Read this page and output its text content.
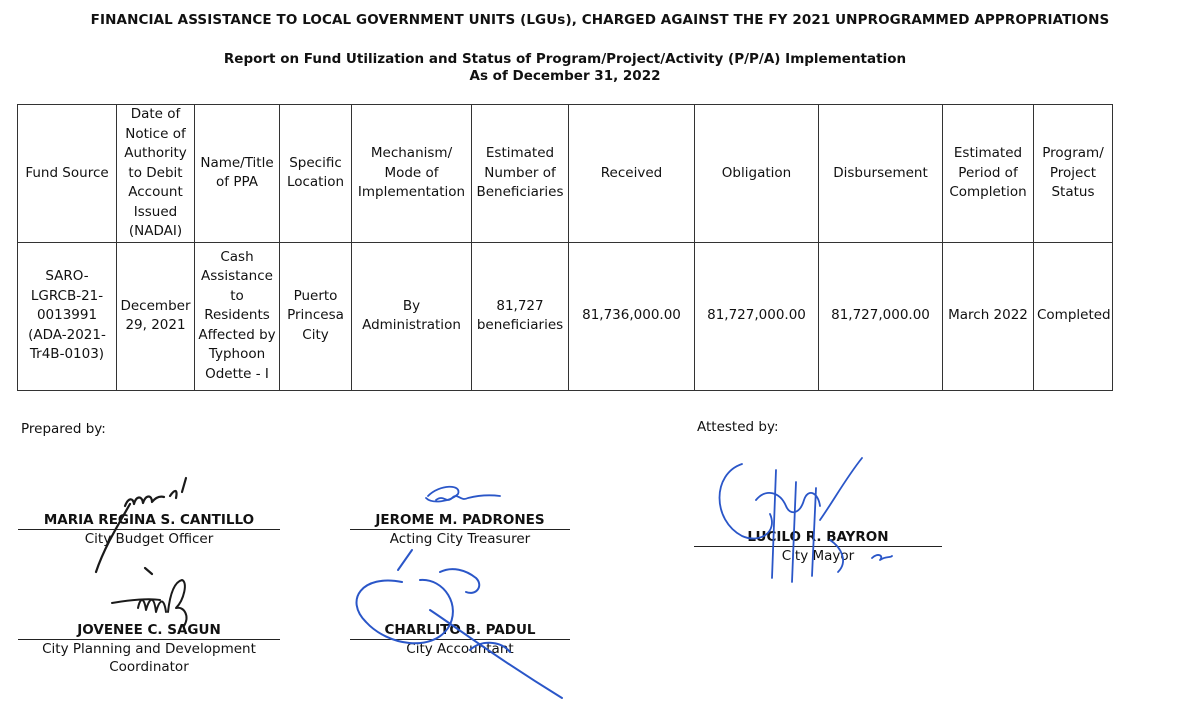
FINANCIAL ASSISTANCE TO LOCAL GOVERNMENT UNITS (LGUs), CHARGED AGAINST THE FY 2021 UNPROGRAMMED APPROPRIATIONS
Report on Fund Utilization and Status of Program/Project/Activity (P/P/A) Implementation
As of December 31, 2022
Fund Source	Date of Notice of Authority to Debit Account Issued (NADAI)	Name/Title of PPA	Specific Location	Mechanism/ Mode of Implementation	Estimated Number of Beneficiaries	Received	Obligation	Disbursement	Estimated Period of Completion	Program/ Project Status
SARO-LGRCB-21-0013991 (ADA-2021-Tr4B-0103)	December 29, 2021	Cash Assistance to Residents Affected by Typhoon Odette - I	Puerto Princesa City	By Administration	81,727 beneficiaries	81,736,000.00	81,727,000.00	81,727,000.00	March 2022	Completed
Prepared by:	Attested by:
MARIA REGINA S. CANTILLO
City Budget Officer
JEROME M. PADRONES
Acting City Treasurer
JOVENEE C. SAGUN
City Planning and Development Coordinator
CHARLITO B. PADUL
City Accountant
LUCILO R. BAYRON
City Mayor
